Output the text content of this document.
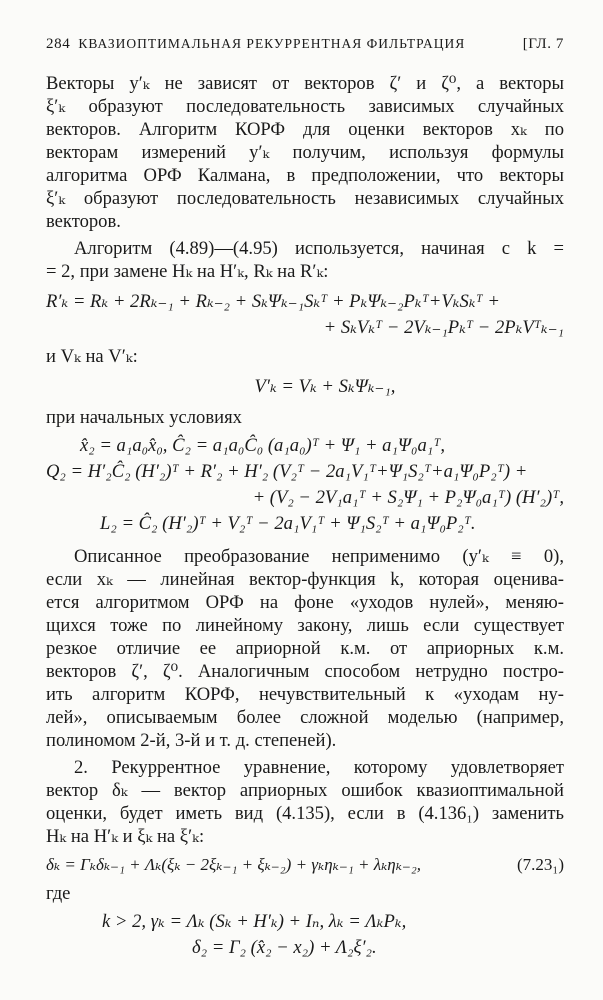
284 КВАЗИОПТИМАЛЬНАЯ РЕКУРРЕНТНАЯ ФИЛЬТРАЦИЯ	[ГЛ. 7
Векторы y′ₖ не зависят от векторов ζ′ и ζ⁰, а векторы
ξ′ₖ образуют последовательность зависимых случайных
векторов. Алгоритм КОРФ для оценки векторов xₖ по
векторам измерений y′ₖ получим, используя формулы
алгоритма ОРФ Калмана, в предположении, что векторы
ξ′ₖ образуют последовательность независимых случайных
векторов.
Алгоритм (4.89)—(4.95) используется, начиная с k =
= 2, при замене Hₖ на H′ₖ, Rₖ на R′ₖ:
R′ₖ = Rₖ + 2Rₖ₋₁ + Rₖ₋₂ + SₖΨₖ₋₁Sₖᵀ + PₖΨₖ₋₂Pₖᵀ+VₖSₖᵀ +
+ SₖVₖᵀ − 2Vₖ₋₁Pₖᵀ − 2PₖVᵀₖ₋₁
и Vₖ на V′ₖ:
V′ₖ = Vₖ + SₖΨₖ₋₁,
при начальных условиях
x̂₂ = a₁a₀x̂₀, Ĉ₂ = a₁a₀Ĉ₀ (a₁a₀)ᵀ + Ψ₁ + a₁Ψ₀a₁ᵀ,
Q₂ = H′₂Ĉ₂ (H′₂)ᵀ + R′₂ + H′₂ (V₂ᵀ − 2a₁V₁ᵀ+Ψ₁S₂ᵀ+a₁Ψ₀P₂ᵀ) +
+ (V₂ − 2V₁a₁ᵀ + S₂Ψ₁ + P₂Ψ₀a₁ᵀ) (H′₂)ᵀ,
L₂ = Ĉ₂ (H′₂)ᵀ + V₂ᵀ − 2a₁V₁ᵀ + Ψ₁S₂ᵀ + a₁Ψ₀P₂ᵀ.
Описанное преобразование неприменимо (y′ₖ ≡ 0),
если xₖ — линейная вектор-функция k, которая оценива-
ется алгоритмом ОРФ на фоне «уходов нулей», меняю-
щихся тоже по линейному закону, лишь если существует
резкое отличие ее априорной к.м. от априорных к.м.
векторов ζ′, ζ⁰. Аналогичным способом нетрудно постро-
ить алгоритм КОРФ, нечувствительный к «уходам ну-
лей», описываемым более сложной моделью (например,
полиномом 2-й, 3-й и т. д. степеней).
2. Рекуррентное уравнение, которому удовлетворяет
вектор δₖ — вектор априорных ошибок квазиоптимальной
оценки, будет иметь вид (4.135), если в (4.136₁) заменить
Hₖ на H′ₖ и ξₖ на ξ′ₖ:
δₖ = Γₖδₖ₋₁ + Λₖ(ξₖ − 2ξₖ₋₁ + ξₖ₋₂) + γₖηₖ₋₁ + λₖηₖ₋₂,	(7.23₁)
где
k > 2, γₖ = Λₖ (Sₖ + H′ₖ) + Iₙ, λₖ = ΛₖPₖ,
δ₂ = Γ₂ (x̂₂ − x₂) + Λ₂ξ′₂.
